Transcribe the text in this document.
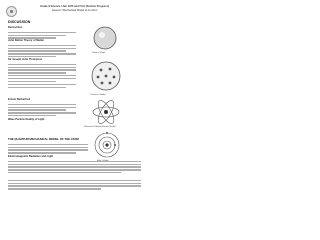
Grade 9 Science I Jan 1972 and First (Section Progress)
Quantum Mechanical Model of An Atom
DISCUSSION
Democritus
John Dalton Theory of Matter
Dalton's Model
Sir Joseph John Thompson
Thomson's Model
Ernest Rutherford
Rutherford's Model (Nuclear Model)
Wave Particle Duality of Light
THE QUANTUM MECHANICAL MODEL OF THE ATOM
Electromagnetic Radiation and Light
